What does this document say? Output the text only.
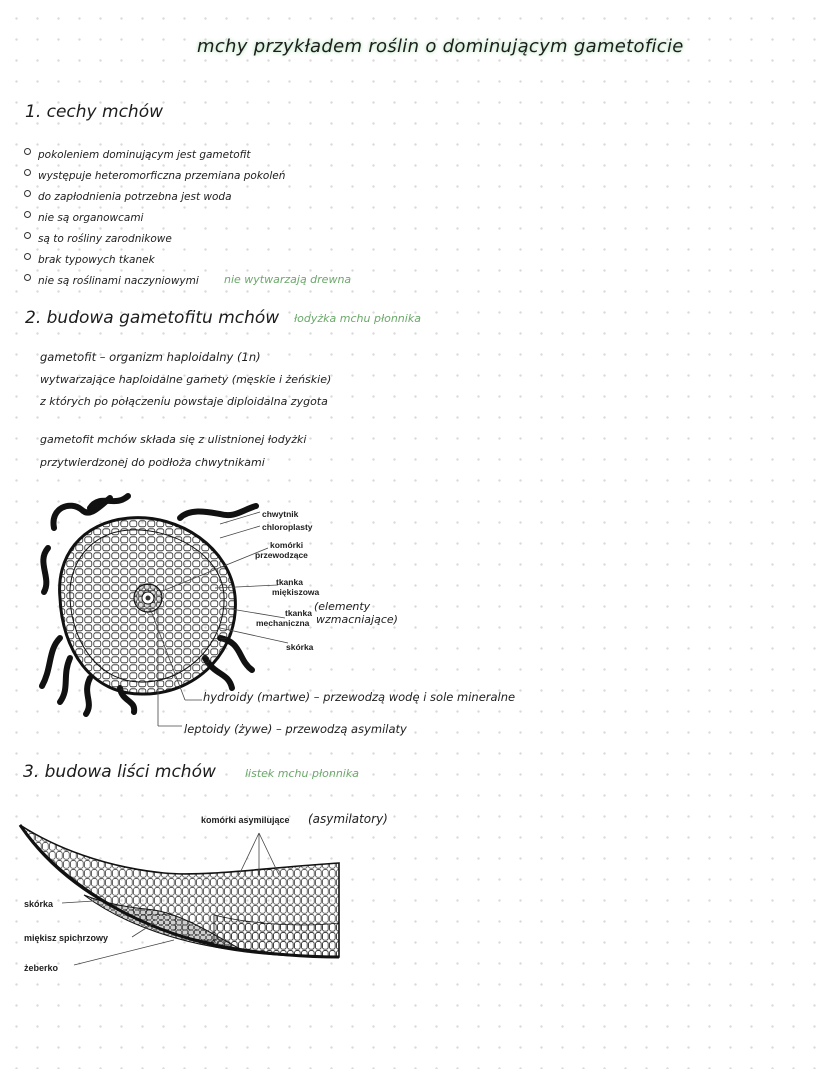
mchy przykładem roślin o dominującym gametoficie
1. cechy mchów
pokoleniem dominującym jest gametofit
występuje heteromorficzna przemiana pokoleń
do zapłodnienia potrzebna jest woda
nie są organowcami
są to rośliny zarodnikowe
brak typowych tkanek
nie są roślinami naczyniowymi nie wytwarzają drewna
2. budowa gametofitu mchów łodyżka mchu płonnika
gametofit – organizm haploidalny (1n)
wytwarzające haploidalne gamety (męskie i żeńskie)
z których po połączeniu powstaje diploidalna zygota
gametofit mchów składa się z ulistnionej łodyżki
przytwierdzonej do podłoża chwytnikami
chwytnik
chloroplasty
komórki
przewodzące
tkanka
miękiszowa
tkanka
mechaniczna
(elementy
wzmacniające)
skórka
hydroidy (martwe) – przewodzą wodę i sole mineralne
leptoidy (żywe) – przewodzą asymilaty
3. budowa liści mchów	listek mchu płonnika
komórki asymilujące (asymilatory)
skórka
miękisz spichrzowy
żeberko
